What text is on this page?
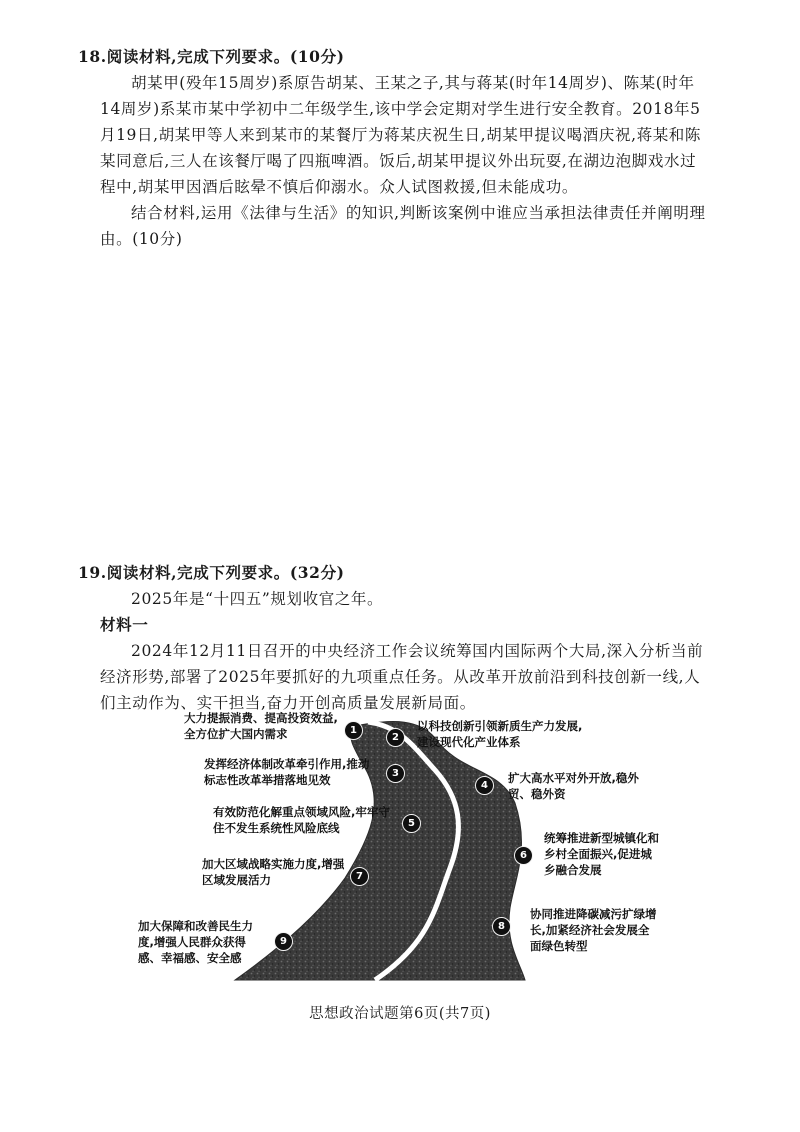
18.阅读材料,完成下列要求。(10分)

胡某甲(殁年15周岁)系原告胡某、王某之子,其与蒋某(时年14周岁)、陈某(时年14周岁)系某市某中学初中二年级学生,该中学会定期对学生进行安全教育。2018年5月19日,胡某甲等人来到某市的某餐厅为蒋某庆祝生日,胡某甲提议喝酒庆祝,蒋某和陈某同意后,三人在该餐厅喝了四瓶啤酒。饭后,胡某甲提议外出玩耍,在湖边泡脚戏水过程中,胡某甲因酒后眩晕不慎后仰溺水。众人试图救援,但未能成功。

结合材料,运用《法律与生活》的知识,判断该案例中谁应当承担法律责任并阐明理由。(10分)

19.阅读材料,完成下列要求。(32分)

2025年是“十四五”规划收官之年。

材料一

2024年12月11日召开的中央经济工作会议统筹国内国际两个大局,深入分析当前经济形势,部署了2025年要抓好的九项重点任务。从改革开放前沿到科技创新一线,人们主动作为、实干担当,奋力开创高质量发展新局面。

1
2
3
4
5
6
7
8
9
大力提振消费、提高投资效益,全方位扩大国内需求
以科技创新引领新质生产力发展,建设现代化产业体系
发挥经济体制改革牵引作用,推动标志性改革举措落地见效	扩大高水平对外开放,稳外贸、稳外资
有效防范化解重点领域风险,牢牢守住不发生系统性风险底线
统筹推进新型城镇化和乡村全面振兴,促进城乡融合发展
加大区域战略实施力度,增强区域发展活力
协同推进降碳减污扩绿增长,加紧经济社会发展全面绿色转型
加大保障和改善民生力度,增强人民群众获得感、幸福感、安全感
思想政治试题第6页(共7页)
